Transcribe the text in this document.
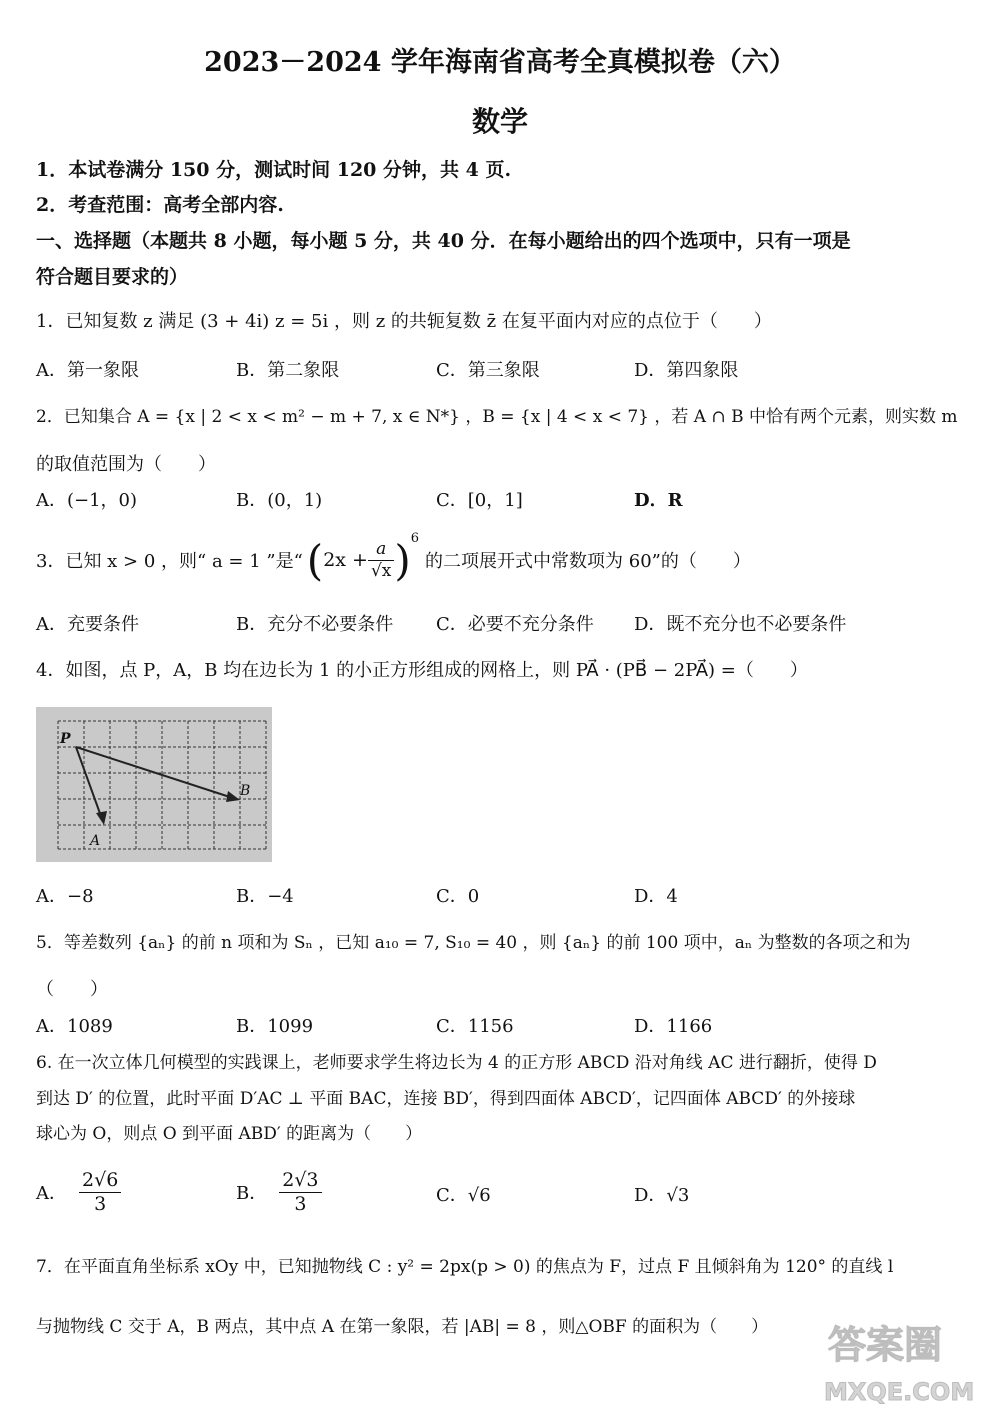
2023－2024 学年海南省高考全真模拟卷（六）
数学
1．本试卷满分 150 分，测试时间 120 分钟，共 4 页.
2．考查范围：高考全部内容.
一、选择题（本题共 8 小题，每小题 5 分，共 40 分．在每小题给出的四个选项中，只有一项是
符合题目要求的）
1．已知复数 z 满足 (3 + 4i) z = 5i ，则 z 的共轭复数 z̄ 在复平面内对应的点位于（　　）
A．第一象限	B．第二象限	C．第三象限	D．第四象限
2．已知集合 A = {x | 2 < x < m² − m + 7, x ∈ N*} ，B = {x | 4 < x < 7} ，若 A ∩ B 中恰有两个元素，则实数 m
的取值范围为（　　）
A．(−1，0)	B．(0，1)	C．[0，1]	D．R
3．已知 x > 0 ，则“ a = 1 ”是“ ( $2x + \frac{a}{√x}$ ) 6
的二项展开式中常数项为 60”的（　　）
A．充要条件	B．充分不必要条件 C．必要不充分条件 D．既不充分也不必要条件
4．如图，点 P，A，B 均在边长为 1 的小正方形组成的网格上，则 PA⃗ · (PB⃗ − 2PA⃗) =（　　）
P
B
A
A．−8	B．−4	C．0	D．4
5．等差数列 {aₙ} 的前 n 项和为 Sₙ ，已知 a₁₀ = 7, S₁₀ = 40 ，则 {aₙ} 的前 100 项中，aₙ 为整数的各项之和为
（　　）
A．1089	B．1099	C．1156	D．1166
6. 在一次立体几何模型的实践课上，老师要求学生将边长为 4 的正方形 ABCD 沿对角线 AC 进行翻折，使得 D
到达 D′ 的位置，此时平面 D′AC ⊥ 平面 BAC，连接 BD′，得到四面体 ABCD′，记四面体 ABCD′ 的外接球
球心为 O，则点 O 到平面 ABD′ 的距离为（　　）
A． $\frac{2√6}{3}$	B． $\frac{2√3}{3}$	C．√6	D．√3
7．在平面直角坐标系 xOy 中，已知抛物线 C : y² = 2px(p > 0) 的焦点为 F，过点 F 且倾斜角为 120° 的直线 l
与抛物线 C 交于 A，B 两点，其中点 A 在第一象限，若 |AB| = 8 ，则△OBF 的面积为（　　） 答案圈
MXQE.COM
